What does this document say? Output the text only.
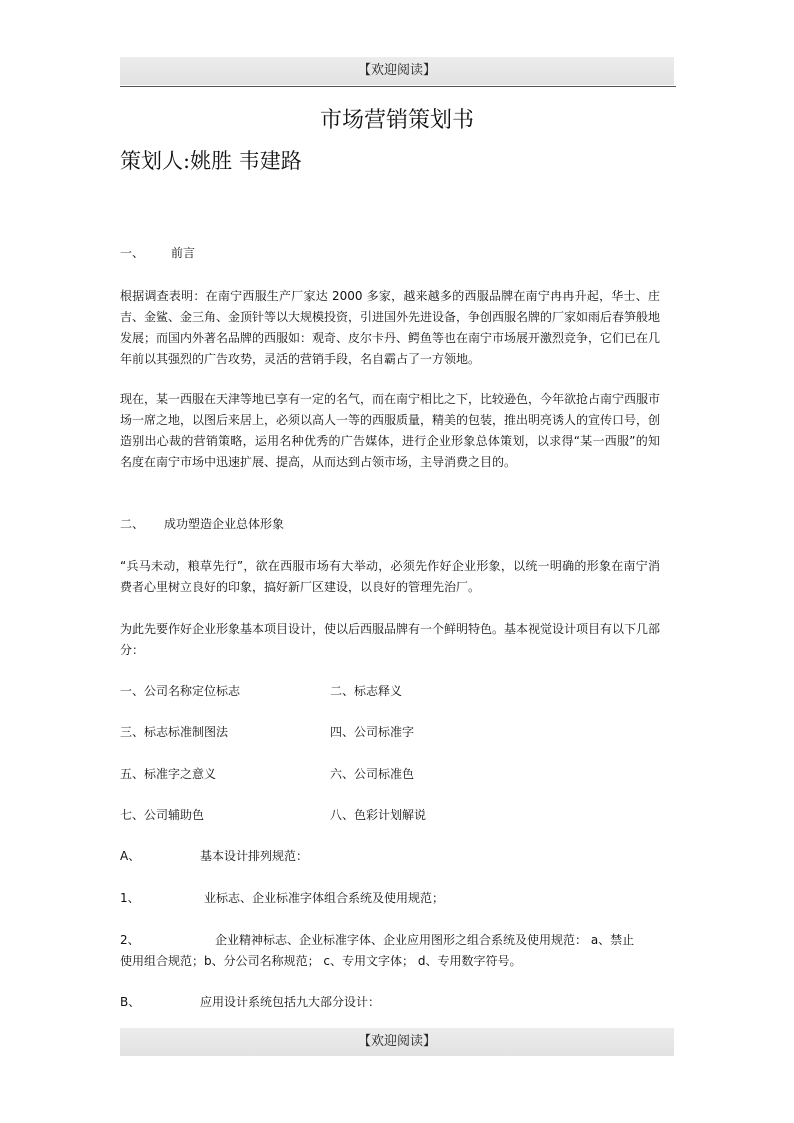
【欢迎阅读】
市场营销策划书
策划人:姚胜 韦建路
一、 前言
根据调查表明：在南宁西服生产厂家达 2000 多家，越来越多的西服品牌在南宁冉冉升起，华士、庄吉、金鲨、金三角、金顶针等以大规模投资，引进国外先进设备，争创西服名牌的厂家如雨后春笋般地发展；而国内外著名品牌的西服如：观奇、皮尔卡丹、鳄鱼等也在南宁市场展开激烈竞争，它们已在几年前以其强烈的广告攻势，灵活的营销手段，名自霸占了一方领地。
现在，某一西服在天津等地已享有一定的名气，而在南宁相比之下，比较逊色，今年欲抢占南宁西服市场一席之地，以图后来居上，必须以高人一等的西服质量，精美的包装，推出明亮诱人的宣传口号，创造别出心裁的营销策略，运用名种优秀的广告媒体，进行企业形象总体策划，以求得“某一西服”的知名度在南宁市场中迅速扩展、提高，从而达到占领市场，主导消费之目的。
二、 成功塑造企业总体形象
“兵马未动，粮草先行”，欲在西服市场有大举动，必须先作好企业形象，以统一明确的形象在南宁消费者心里树立良好的印象，搞好新厂区建设，以良好的管理先治厂。
为此先要作好企业形象基本项目设计，使以后西服品牌有一个鲜明特色。基本视觉设计项目有以下几部分：
一、公司名称定位标志	二、标志释义
三、标志标准制图法	四、公司标准字
五、标准字之意义	六、公司标准色
七、公司辅助色	八、色彩计划解说
A、	基本设计排列规范：
1、	业标志、企业标准字体组合系统及使用规范；
2、	企业精神标志、企业标准字体、企业应用图形之组合系统及使用规范： a、禁止
使用组合规范；b、分公司名称规范； c、专用文字体； d、专用数字符号。
B、	应用设计系统包括九大部分设计：
【欢迎阅读】
